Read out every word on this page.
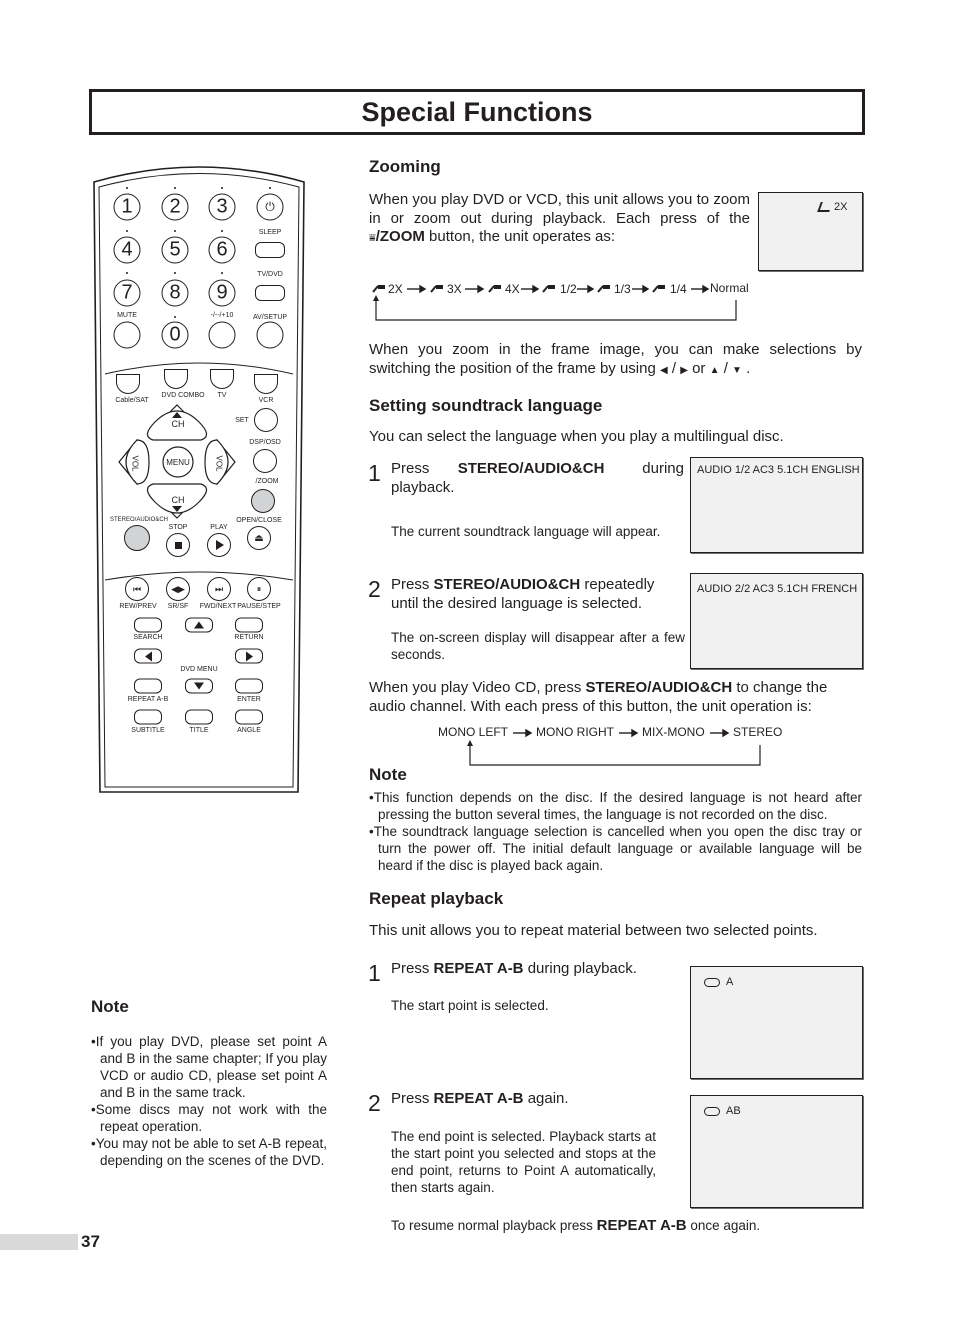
Special Functions
1	2	3	⏻
SLEEP
4	5	6
TV/DVD
7	8	9
MUTE	-/--/+10	AV/SETUP
0
Cable/SAT
DVD COMBO TV
VCR
CH
CH
MENU
VOL	VOL
SET
DSP/OSD
/ZOOM
STEREO/AUDIO&CH
STOP	PLAY
OPEN/CLOSE
⏏
⏮	◀▶	⏭	⏸
REW/PREV SR/SF FWD/NEXT PAUSE/STEP
SEARCH	RETURN
DVD MENU
REPEAT A-B	ENTER
SUBTITLE	TITLE	ANGLE
Note
•If you play DVD, please set point A and B in the same chapter; If you play VCD or audio CD, please set point A and B in the same track.
•Some discs may not work with the repeat operation.
•You may not be able to set A-B repeat, depending on the scenes of the DVD.
Zooming
When you play DVD or VCD, this unit allows you to zoom in or zoom out during playback. Each press of the ⩸/ZOOM button, the unit operates as:
2X
2X	3X	4X	1/2	1/3	1/4 Normal
When you zoom in the frame image, you can make selections by switching the position of the frame by using ◀ / ▶ or ▲ / ▼ .
Setting soundtrack language
You can select the language when you play a multilingual disc.
1 Press STEREO/AUDIO&CH	during playback.
The current soundtrack language will appear.
AUDIO 1/2 AC3 5.1CH ENGLISH
2 Press STEREO/AUDIO&CH repeatedly until the desired language is selected.
The on-screen display will disappear after a few seconds.
AUDIO 2/2 AC3 5.1CH FRENCH
When you play Video CD, press STEREO/AUDIO&CH to change the audio channel. With each press of this button, the unit operation is:
MONO LEFT MONO RIGHT MIX-MONO STEREO
Note
•This function depends on the disc. If the desired language is not heard after pressing the button several times, the language is not recorded on the disc.
•The soundtrack language selection is cancelled when you open the disc tray or turn the power off. The initial default language or available language will be heard if the disc is played back again.
Repeat playback
This unit allows you to repeat material between two selected points.
1 Press REPEAT A-B during playback.
The start point is selected.
A
2 Press REPEAT A-B again.
The end point is selected. Playback starts at the start point you selected and stops at the end point, returns to Point A automatically, then starts again.
AB
To resume normal playback press REPEAT A-B once again.
37
